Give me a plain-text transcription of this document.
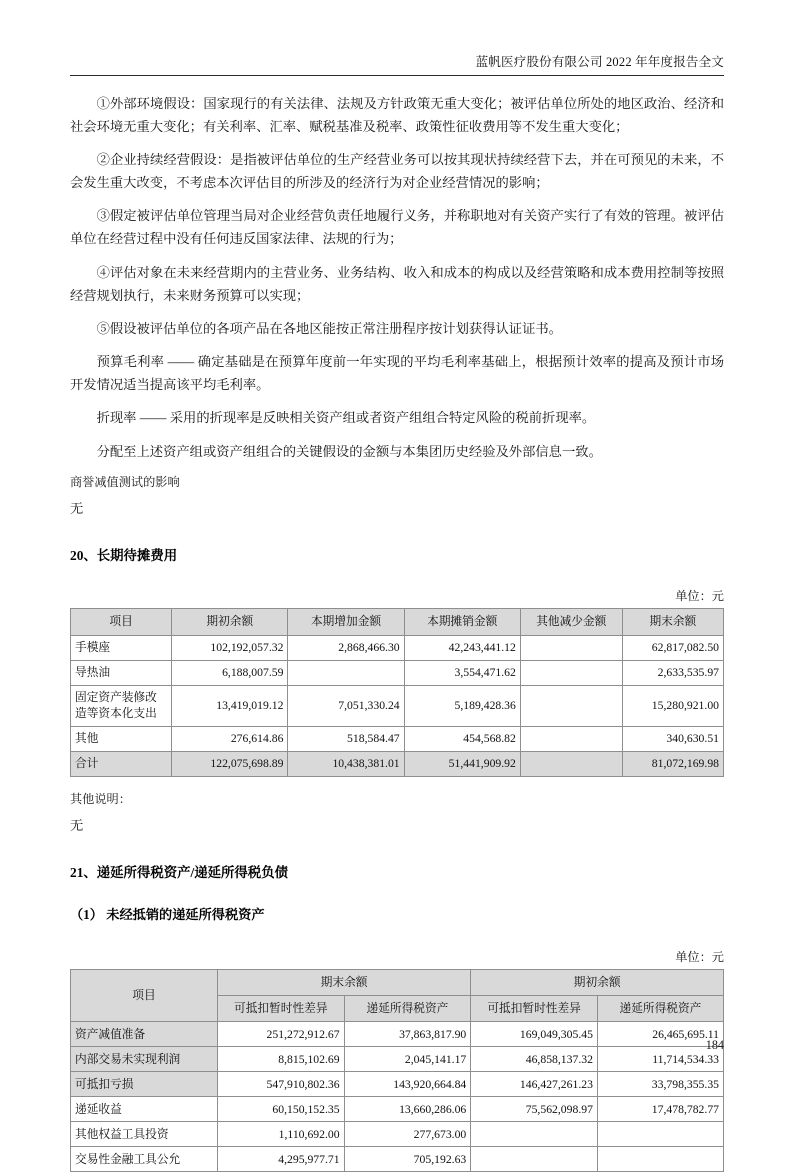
蓝帆医疗股份有限公司 2022 年年度报告全文

①外部环境假设：国家现行的有关法律、法规及方针政策无重大变化；被评估单位所处的地区政治、经济和社会环境无重大变化；有关利率、汇率、赋税基准及税率、政策性征收费用等不发生重大变化；

②企业持续经营假设：是指被评估单位的生产经营业务可以按其现状持续经营下去，并在可预见的未来，不会发生重大改变，不考虑本次评估目的所涉及的经济行为对企业经营情况的影响；

③假定被评估单位管理当局对企业经营负责任地履行义务，并称职地对有关资产实行了有效的管理。被评估单位在经营过程中没有任何违反国家法律、法规的行为；

④评估对象在未来经营期内的主营业务、业务结构、收入和成本的构成以及经营策略和成本费用控制等按照经营规划执行，未来财务预算可以实现；

⑤假设被评估单位的各项产品在各地区能按正常注册程序按计划获得认证证书。

预算毛利率 —— 确定基础是在预算年度前一年实现的平均毛利率基础上，根据预计效率的提高及预计市场开发情况适当提高该平均毛利率。

折现率 —— 采用的折现率是反映相关资产组或者资产组组合特定风险的税前折现率。

分配至上述资产组或资产组组合的关键假设的金额与本集团历史经验及外部信息一致。

商誉减值测试的影响

无

20、长期待摊费用
单位：元
项目	期初余额	本期增加金额	本期摊销金额	其他减少金额	期末余额
手模座	102,192,057.32	2,868,466.30	42,243,441.12		62,817,082.50
导热油	6,188,007.59		3,554,471.62		2,633,535.97
固定资产装修改造等资本化支出	13,419,019.12	7,051,330.24	5,189,428.36		15,280,921.00
其他	276,614.86	518,584.47	454,568.82		340,630.51
合计	122,075,698.89	10,438,381.01	51,441,909.92		81,072,169.98

其他说明：

无

21、递延所得税资产/递延所得税负债
（1） 未经抵销的递延所得税资产
单位：元
项目	期末余额		期初余额	
	可抵扣暂时性差异	递延所得税资产	可抵扣暂时性差异	递延所得税资产
资产减值准备	251,272,912.67	37,863,817.90	169,049,305.45	26,465,695.11
内部交易未实现利润	8,815,102.69	2,045,141.17	46,858,137.32	11,714,534.33
可抵扣亏损	547,910,802.36	143,920,664.84	146,427,261.23	33,798,355.35
递延收益	60,150,152.35	13,660,286.06	75,562,098.97	17,478,782.77
其他权益工具投资	1,110,692.00	277,673.00		
交易性金融工具公允	4,295,977.71	705,192.63		
184
